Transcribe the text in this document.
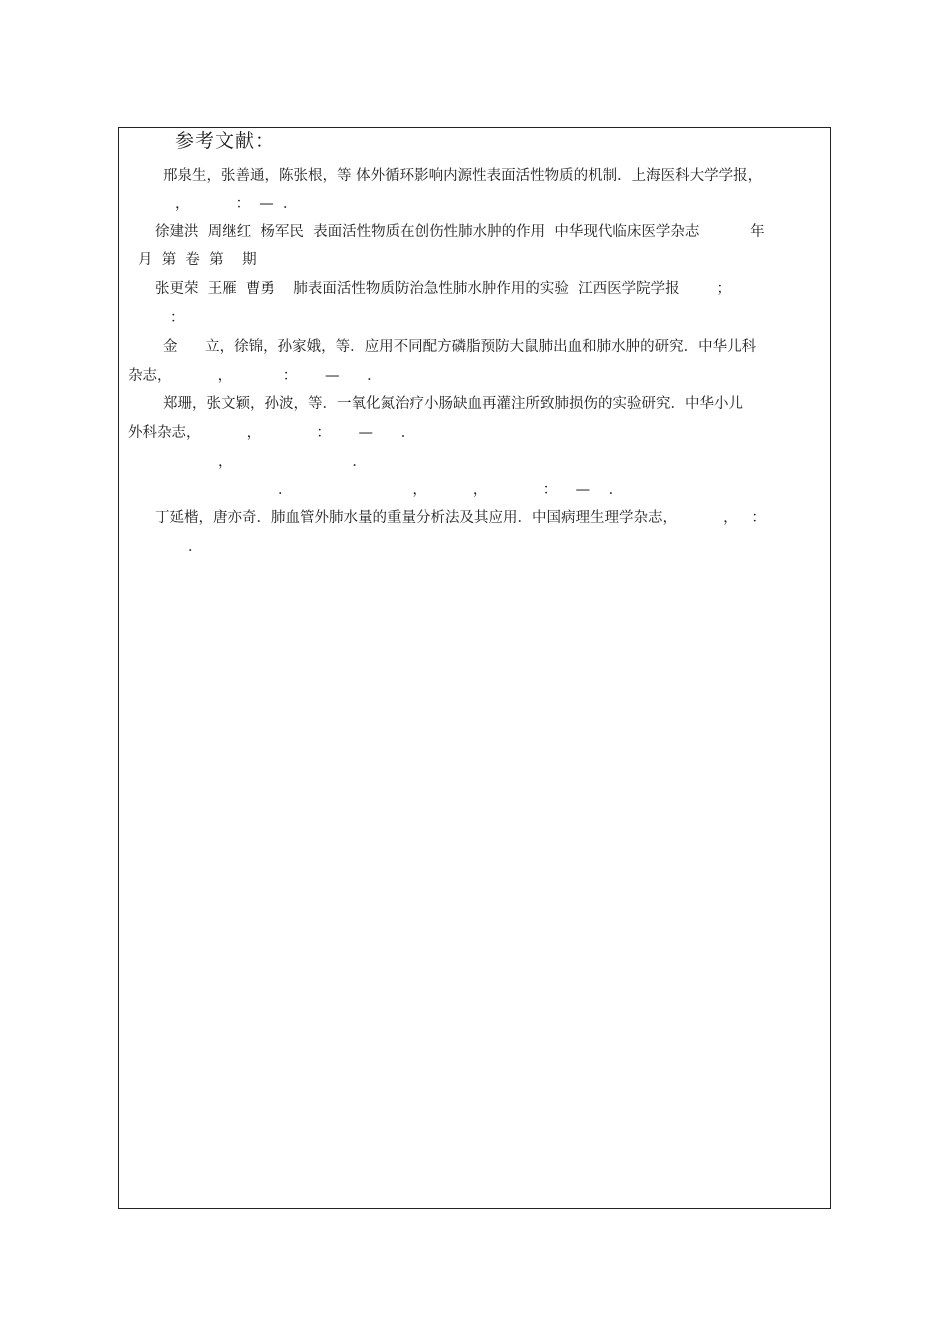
参考文献：
邢泉生，张善通，陈张根，等 体外循环影响内源性表面活性物质的机制．上海医科大学学报，
，          ：  —  ．
徐建洪  周继红  杨军民  表面活性物质在创伤性肺水肿的作用  中华现代临床医学杂志           年
月  第  卷  第    期
张更荣  王雁  曹勇    肺表面活性物质防治急性肺水肿作用的实验  江西医学院学报        ；
：
金      立，徐锦，孙家娥，等．应用不同配方磷脂预防大鼠肺出血和肺水肿的研究．中华儿科
杂志，          ，           ：      —      ．
郑珊，张文颖，孙波，等．一氧化氮治疗小肠缺血再灌注所致肺损伤的实验研究．中华小儿
外科杂志，          ，            ：      —      ．
，                          ．
．                          ，          ，            ：    —    ．
丁延楷，唐亦奇．肺血管外肺水量的重量分析法及其应用．中国病理生理学杂志，          ，   ：
．
